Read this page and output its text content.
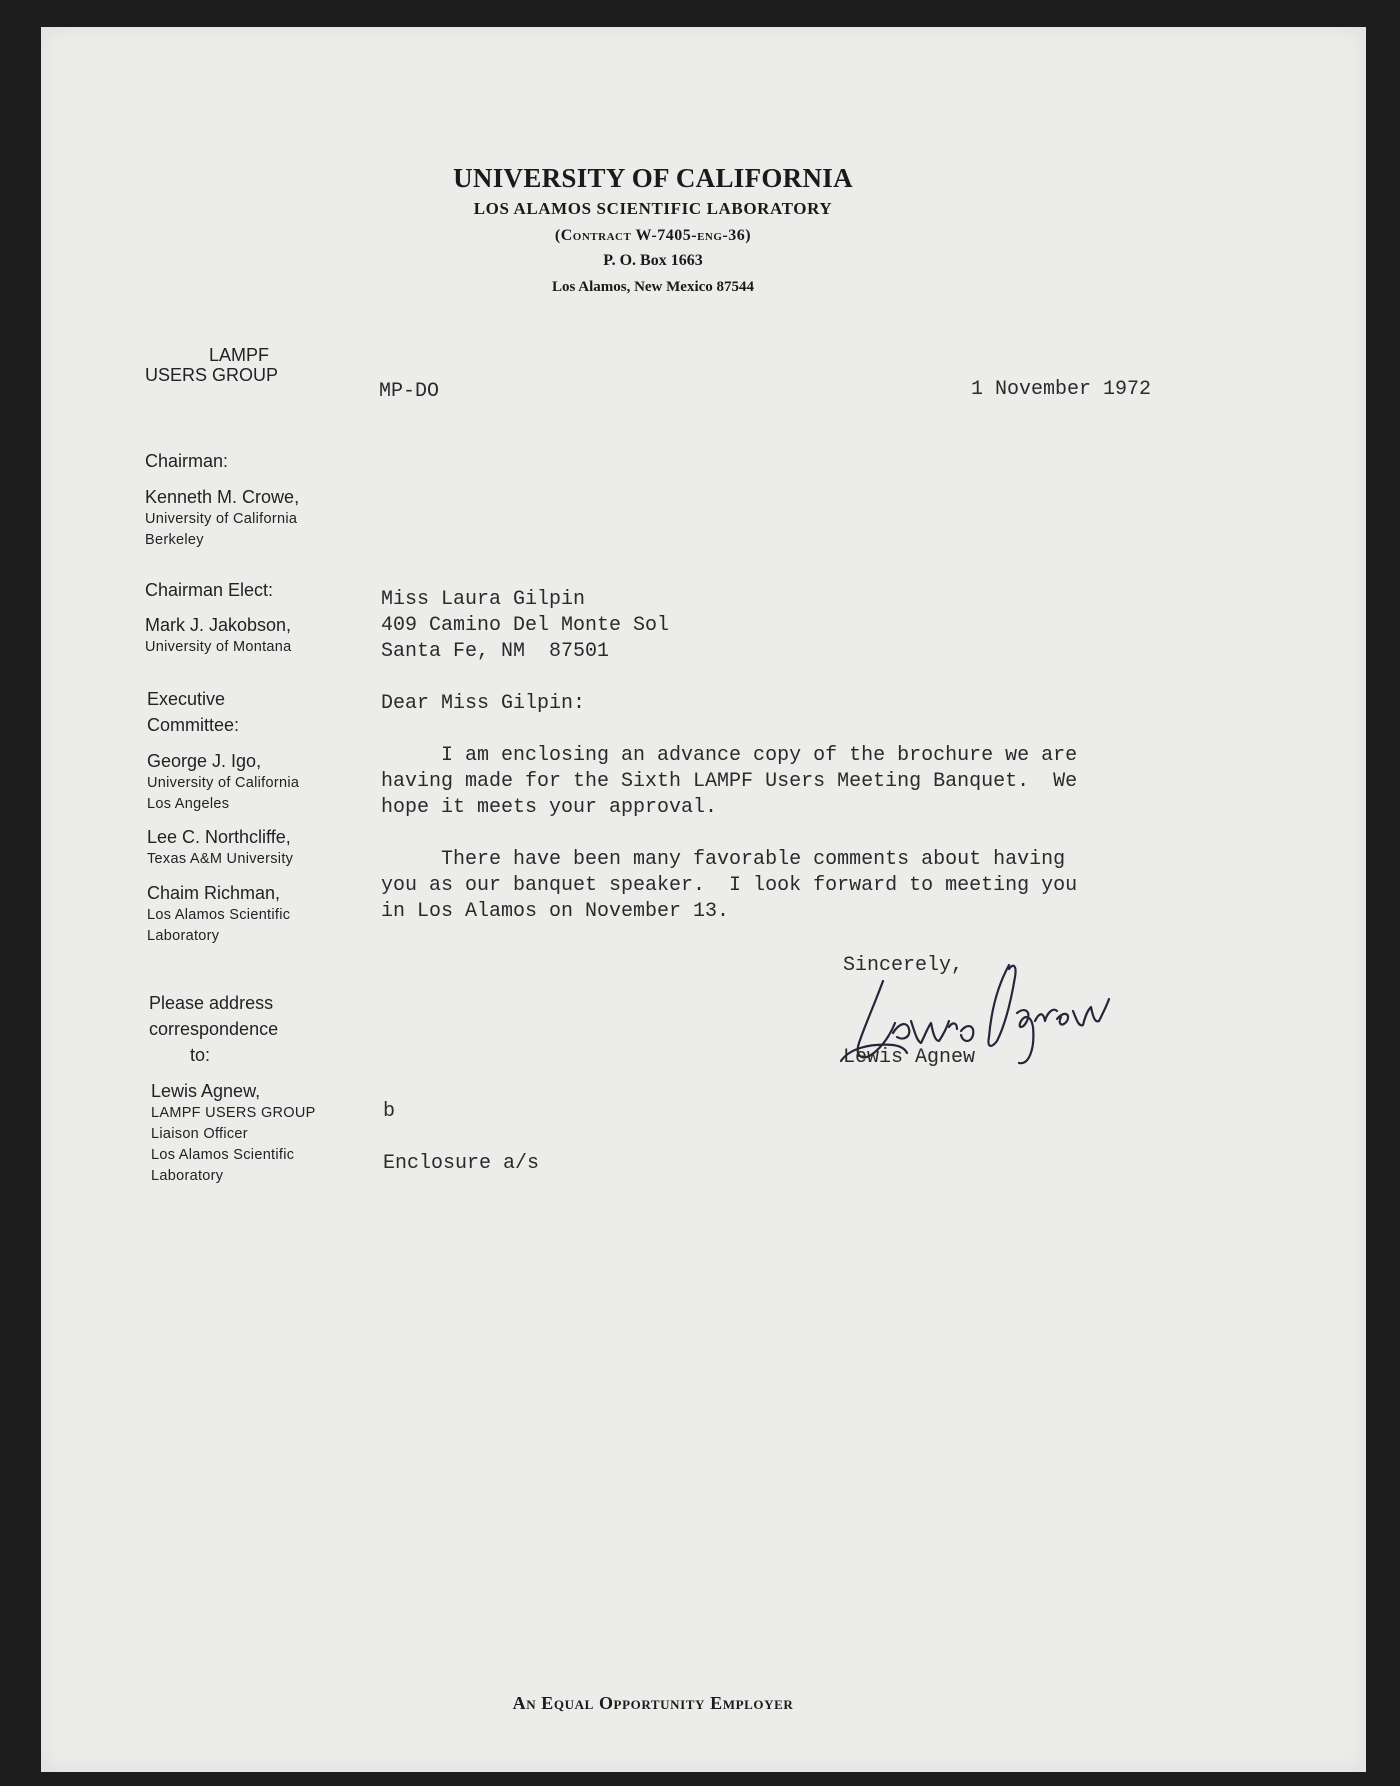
UNIVERSITY OF CALIFORNIA
LOS ALAMOS SCIENTIFIC LABORATORY
(Contract W-7405-eng-36)
P. O. Box 1663
Los Alamos, New Mexico 87544
LAMPF
USERS GROUP
Chairman:
Kenneth M. Crowe,
University of California
Berkeley
Chairman Elect:
Mark J. Jakobson,
University of Montana
Executive
Committee:
George J. Igo,
University of California
Los Angeles
Lee C. Northcliffe,
Texas A&M University
Chaim Richman,
Los Alamos Scientific
Laboratory
Please address
correspondence
to:
Lewis Agnew,
LAMPF USERS GROUP
Liaison Officer
Los Alamos Scientific
Laboratory
MP-DO	1 November 1972
Miss Laura Gilpin
409 Camino Del Monte Sol
Santa Fe, NM  87501
Dear Miss Gilpin:
I am enclosing an advance copy of the brochure we are
having made for the Sixth LAMPF Users Meeting Banquet.  We
hope it meets your approval.
There have been many favorable comments about having
you as our banquet speaker.  I look forward to meeting you
in Los Alamos on November 13.
Sincerely,
Lewis Agnew
b
Enclosure a/s
An Equal Opportunity Employer
